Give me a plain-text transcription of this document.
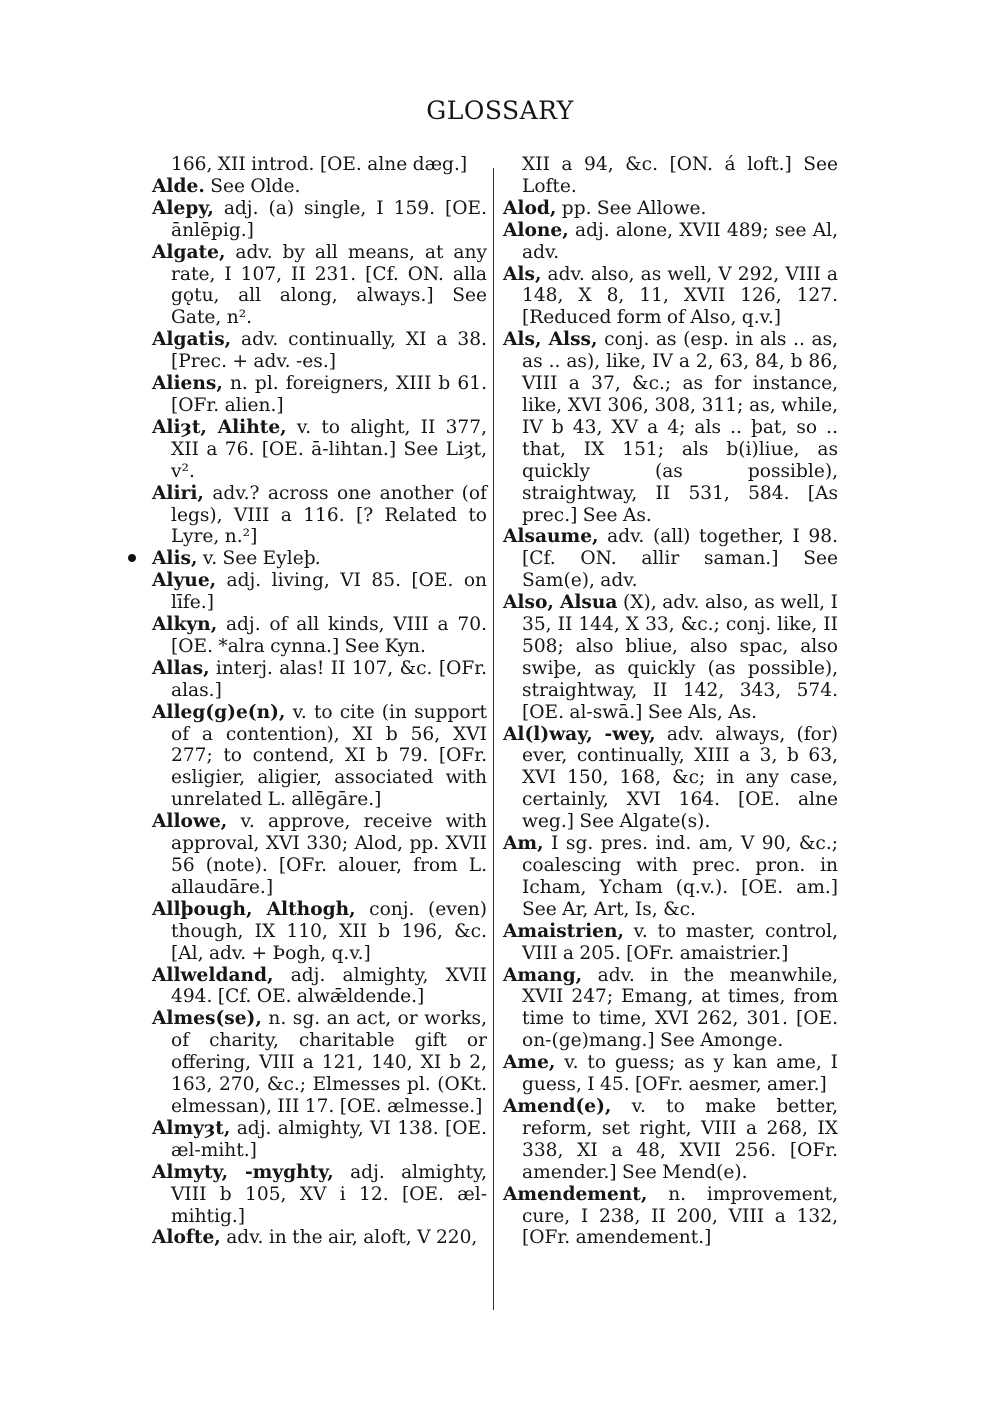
GLOSSARY

166, XII introd. [OE. alne dæg.]

Alde. See Olde.

Alepy, adj. (a) single, I 159. [OE. ānlēpig.]

Algate, adv. by all means, at any rate, I 107, II 231. [Cf. ON. alla gǫtu, all along, always.] See Gate, n².

Algatis, adv. continually, XI a 38. [Prec. + adv. -es.]

Aliens, n. pl. foreigners, XIII b 61. [OFr. alien.]

Aliȝt, Alihte, v. to alight, II 377, XII a 76. [OE. ā-lihtan.] See Liȝt, v².

Aliri, adv.? across one another (of legs), VIII a 116. [? Related to Lyre, n.²]

Alis, v. See Eyleþ.

Alyue, adj. living, VI 85. [OE. on līfe.]

Alkyn, adj. of all kinds, VIII a 70. [OE. *alra cynna.] See Kyn.

Allas, interj. alas! II 107, &c. [OFr. alas.]

Alleg(g)e(n), v. to cite (in support of a contention), XI b 56, XVI 277; to contend, XI b 79. [OFr. esligier, aligier, associated with unrelated L. allēgāre.]

Allowe, v. approve, receive with approval, XVI 330; Alod, pp. XVII 56 (note). [OFr. alouer, from L. allaudāre.]

Allþough, Althogh, conj. (even) though, IX 110, XII b 196, &c. [Al, adv. + Þogh, q.v.]

Allweldand, adj. almighty, XVII 494. [Cf. OE. alwǣldende.]

Almes(se), n. sg. an act, or works, of charity, charitable gift or offering, VIII a 121, 140, XI b 2, 163, 270, &c.; Elmesses pl. (OKt. elmessan), III 17. [OE. ælmesse.]

Almyȝt, adj. almighty, VI 138. [OE. æl-miht.]

Almyty, -myghty, adj. almighty, VIII b 105, XV i 12. [OE. æl-mihtig.]

Alofte, adv. in the air, aloft, V 220,

XII a 94, &c. [ON. á loft.] See Lofte.

Alod, pp. See Allowe.

Alone, adj. alone, XVII 489; see Al, adv.

Als, adv. also, as well, V 292, VIII a 148, X 8, 11, XVII 126, 127. [Reduced form of Also, q.v.]

Als, Alss, conj. as (esp. in als .. as, as .. as), like, IV a 2, 63, 84, b 86, VIII a 37, &c.; as for instance, like, XVI 306, 308, 311; as, while, IV b 43, XV a 4; als .. þat, so .. that, IX 151; als b(i)liue, as quickly (as possible), straightway, II 531, 584. [As prec.] See As.

Alsaume, adv. (all) together, I 98. [Cf. ON. allir saman.] See Sam(e), adv.

Also, Alsua (X), adv. also, as well, I 35, II 144, X 33, &c.; conj. like, II 508; also bliue, also spac, also swiþe, as quickly (as possible), straightway, II 142, 343, 574. [OE. al-swā.] See Als, As.

Al(l)way, -wey, adv. always, (for) ever, continually, XIII a 3, b 63, XVI 150, 168, &c; in any case, certainly, XVI 164. [OE. alne weg.] See Algate(s).

Am, I sg. pres. ind. am, V 90, &c.; coalescing with prec. pron. in Icham, Ycham (q.v.). [OE. am.] See Ar, Art, Is, &c.

Amaistrien, v. to master, control, VIII a 205. [OFr. amaistrier.]

Amang, adv. in the meanwhile, XVII 247; Emang, at times, from time to time, XVI 262, 301. [OE. on-(ge)mang.] See Amonge.

Ame, v. to guess; as y kan ame, I guess, I 45. [OFr. aesmer, amer.]

Amend(e), v. to make better, reform, set right, VIII a 268, IX 338, XI a 48, XVII 256. [OFr. amender.] See Mend(e).

Amendement, n. improvement, cure, I 238, II 200, VIII a 132, [OFr. amendement.]
